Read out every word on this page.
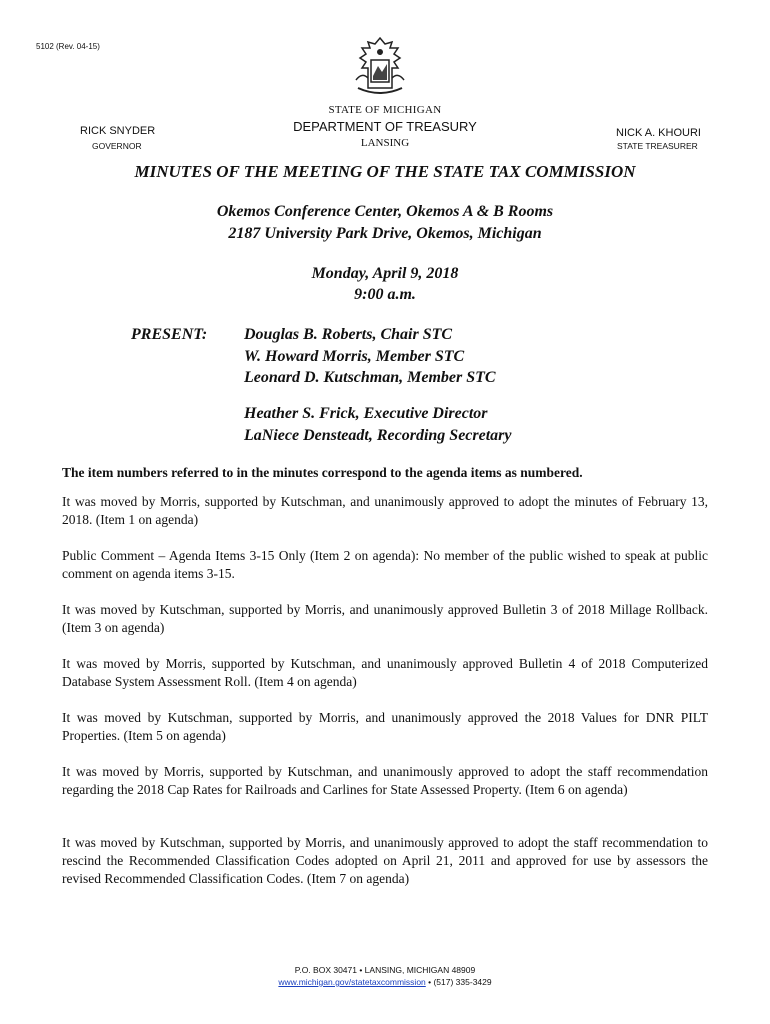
5102 (Rev. 04-15)
STATE OF MICHIGAN
DEPARTMENT OF TREASURY
LANSING
RICK SNYDER
GOVERNOR
NICK A. KHOURI
STATE TREASURER
MINUTES OF THE MEETING OF THE STATE TAX COMMISSION
Okemos Conference Center, Okemos A & B Rooms
2187 University Park Drive, Okemos, Michigan
Monday, April 9, 2018
9:00 a.m.
PRESENT: Douglas B. Roberts, Chair STC
W. Howard Morris, Member STC
Leonard D. Kutschman, Member STC
Heather S. Frick, Executive Director
LaNiece Densteadt, Recording Secretary
The item numbers referred to in the minutes correspond to the agenda items as numbered.
It was moved by Morris, supported by Kutschman, and unanimously approved to adopt the minutes of February 13, 2018. (Item 1 on agenda)
Public Comment – Agenda Items 3-15 Only (Item 2 on agenda): No member of the public wished to speak at public comment on agenda items 3-15.
It was moved by Kutschman, supported by Morris, and unanimously approved Bulletin 3 of 2018 Millage Rollback. (Item 3 on agenda)
It was moved by Morris, supported by Kutschman, and unanimously approved Bulletin 4 of 2018 Computerized Database System Assessment Roll. (Item 4 on agenda)
It was moved by Kutschman, supported by Morris, and unanimously approved the 2018 Values for DNR PILT Properties. (Item 5 on agenda)
It was moved by Morris, supported by Kutschman, and unanimously approved to adopt the staff recommendation regarding the 2018 Cap Rates for Railroads and Carlines for State Assessed Property. (Item 6 on agenda)
It was moved by Kutschman, supported by Morris, and unanimously approved to adopt the staff recommendation to rescind the Recommended Classification Codes adopted on April 21, 2011 and approved for use by assessors the revised Recommended Classification Codes. (Item 7 on agenda)
P.O. BOX 30471 • LANSING, MICHIGAN 48909
www.michigan.gov/statetaxcommission • (517) 335-3429
